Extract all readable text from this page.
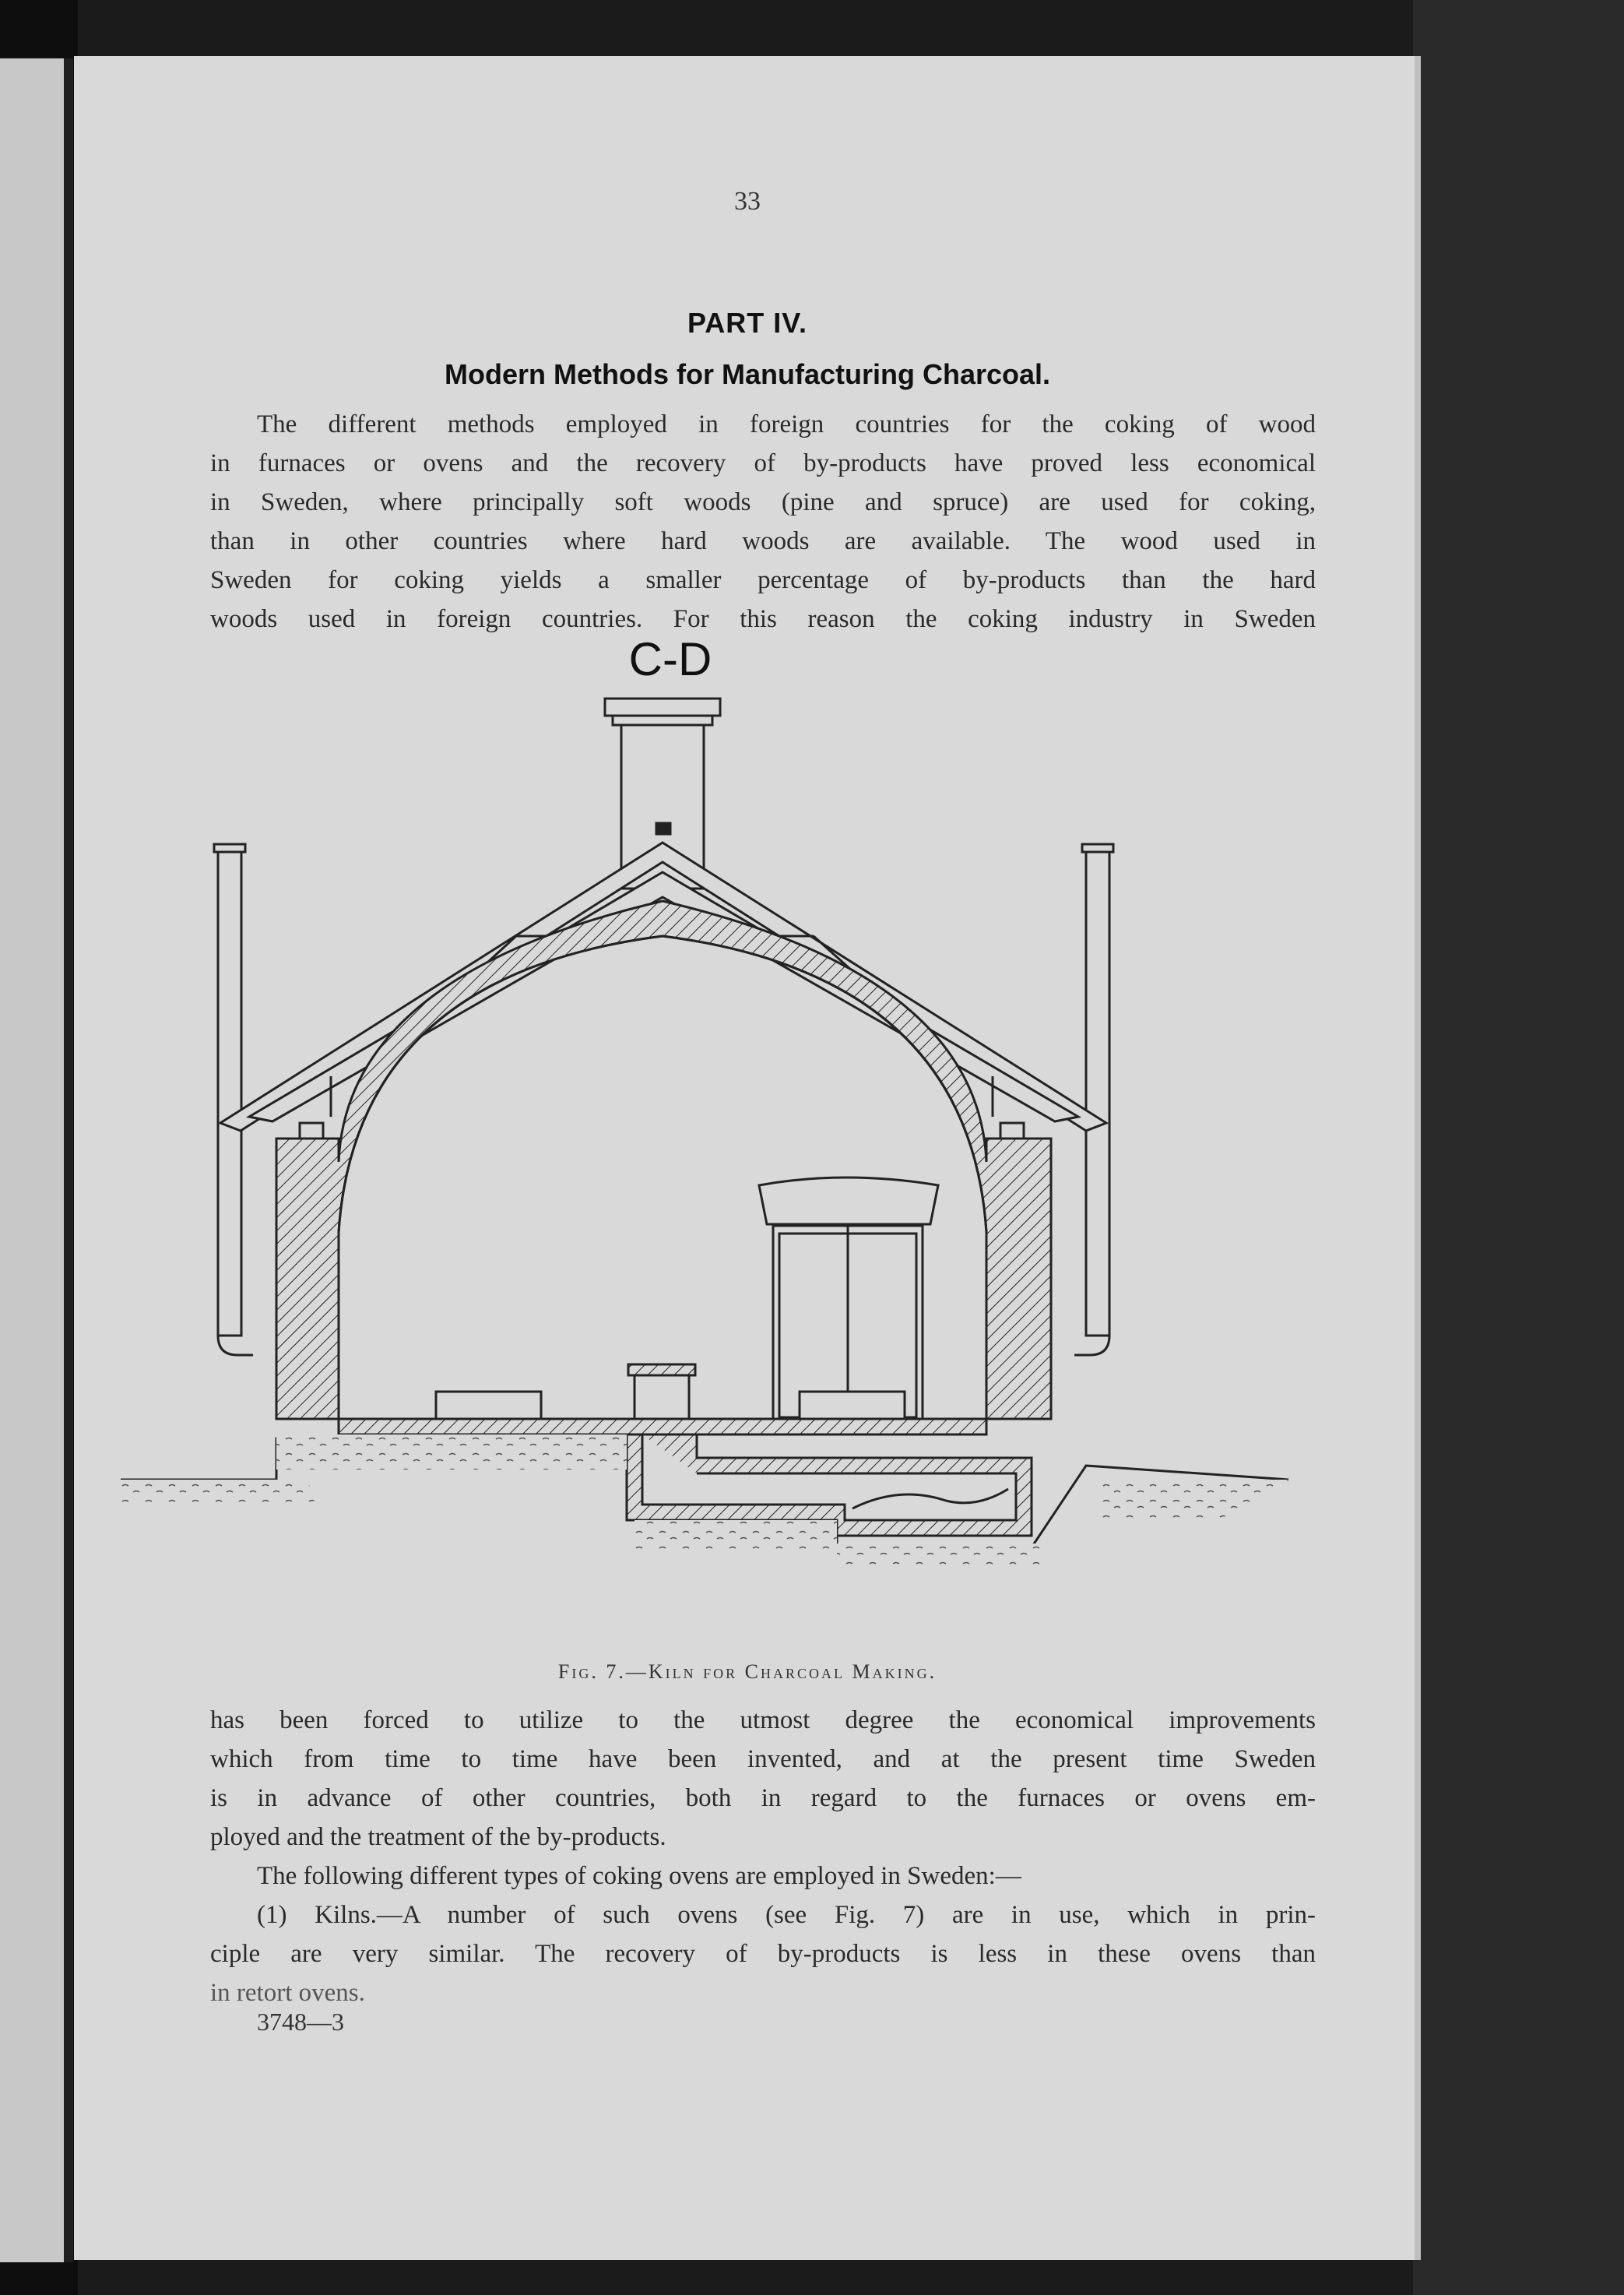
33
PART IV.
Modern Methods for Manufacturing Charcoal.
The different methods employed in foreign countries for the coking of wood
in furnaces or ovens and the recovery of by-products have proved less economical
in Sweden, where principally soft woods (pine and spruce) are used for coking,
than in other countries where hard woods are available. The wood used in
Sweden for coking yields a smaller percentage of by-products than the hard
woods used in foreign countries. For this reason the coking industry in Sweden
C-D
Fig. 7.—Kiln for Charcoal Making.
has been forced to utilize to the utmost degree the economical improvements
which from time to time have been invented, and at the present time Sweden
is in advance of other countries, both in regard to the furnaces or ovens em-
ployed and the treatment of the by-products.
The following different types of coking ovens are employed in Sweden:—
(1) Kilns.—A number of such ovens (see Fig. 7) are in use, which in prin-
ciple are very similar. The recovery of by-products is less in these ovens than
in retort ovens.
3748—3
